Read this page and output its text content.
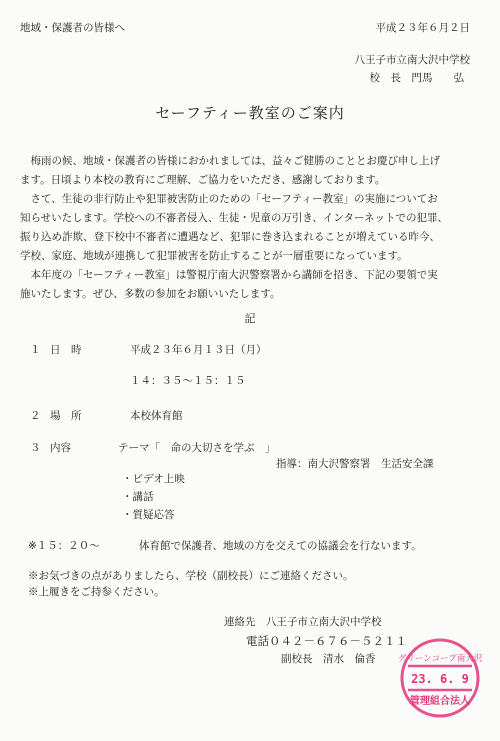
地域・保護者の皆様へ	平成２３年６月２日
八王子市立南大沢中学校
校　長　門馬　　弘
セーフティー教室のご案内
　梅雨の候、地域・保護者の皆様におかれましては、益々ご健勝のこととお慶び申し上げ
ます。日頃より本校の教育にご理解、ご協力をいただき、感謝しております。
　さて、生徒の非行防止や犯罪被害防止のための「セーフティー教室」の実施についてお
知らせいたします。学校への不審者侵入、生徒・児童の万引き、インターネットでの犯罪、
振り込め詐欺、登下校中不審者に遭遇など、犯罪に巻き込まれることが増えている昨今、
学校、家庭、地域が連携して犯罪被害を防止することが一層重要になっています。
　本年度の「セーフティー教室」は警視庁南大沢警察署から講師を招き、下記の要領で実
施いたします。ぜひ、多数の参加をお願いいたします。
記
１ 日　時	平成２３年６月１３日（月）
１４：３５～１５：１５
２ 場　所	本校体育館
３ 内容	テーマ「　命の大切さを学ぶ　」
指導：南大沢警察署　生活安全課
・ビデオ上映
・講話
・質疑応答
※１５：２０～	体育館で保護者、地域の方を交えての協議会を行ないます。
※お気づきの点がありましたら、学校（副校長）にご連絡ください。
※上履きをご持参ください。
連絡先　八王子市立南大沢中学校
電話０４２－６７６－５２１１
副校長　清水　倫香	グリーンコープ南大沢
23. 6. 9
管理組合法人
